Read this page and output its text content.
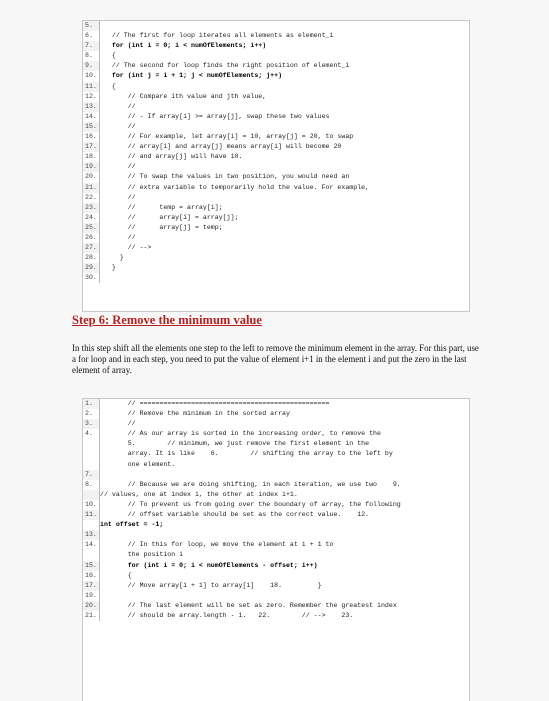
5.
6.	// The first for loop iterates all elements as element_i
7.	for (int i = 0; i < numOfElements; i++)
8.	{
9.	// The second for loop finds the right position of element_i
10. for (int j = i + 1; j < numOfElements; j++)
11. {
12. // Compare ith value and jth value,
13. //
14. // - If array[i] >= array[j], swap these two values
15. //
16. // For example, let array[i] = 10, array[j] = 20, to swap
17. // array[i] and array[j] means array[i] will become 20
18. // and array[j] will have 10.
19. //
20. // To swap the values in two position, you would need an
21. // extra variable to temporarily hold the value. For example,
22. //
23. //      temp = array[i];
24. //      array[i] = array[j];
25. //      array[j] = temp;
26. //
27. // -->
28. }
29. }
30.
Step 6: Remove the minimum value
In this step shift all the elements one step to the left to remove the minimum element in the array. For this part, use a for loop and in each step, you need to put the value of element i+1 in the element i and put the zero in the last element of array.
1.	// ================================================
2.	// Remove the minimum in the sorted array
3.	//
4.	// As our array is sorted in the increasing order, to remove the
5.        // minimum, we just remove the first element in the
array. It is like    6.        // shifting the array to the left by
one element.
7.
8.	// Because we are doing shifting, in each iteration, we use two    9.
// values, one at index i, the other at index i+1.
10. // To prevent us from going over the boundary of array, the following
11. // offset variable should be set as the correct value.    12.
int offset = -1;
13.
14.	// In this for loop, we move the element at i + 1 to
the position i
15. for (int i = 0; i < numOfElements - offset; i++)
16. {
17. // Move array[i + 1] to array[i]    18.         }
19.
20. // The last element will be set as zero. Remember the greatest index
21. // should be array.length - 1.   22.        // -->    23.
